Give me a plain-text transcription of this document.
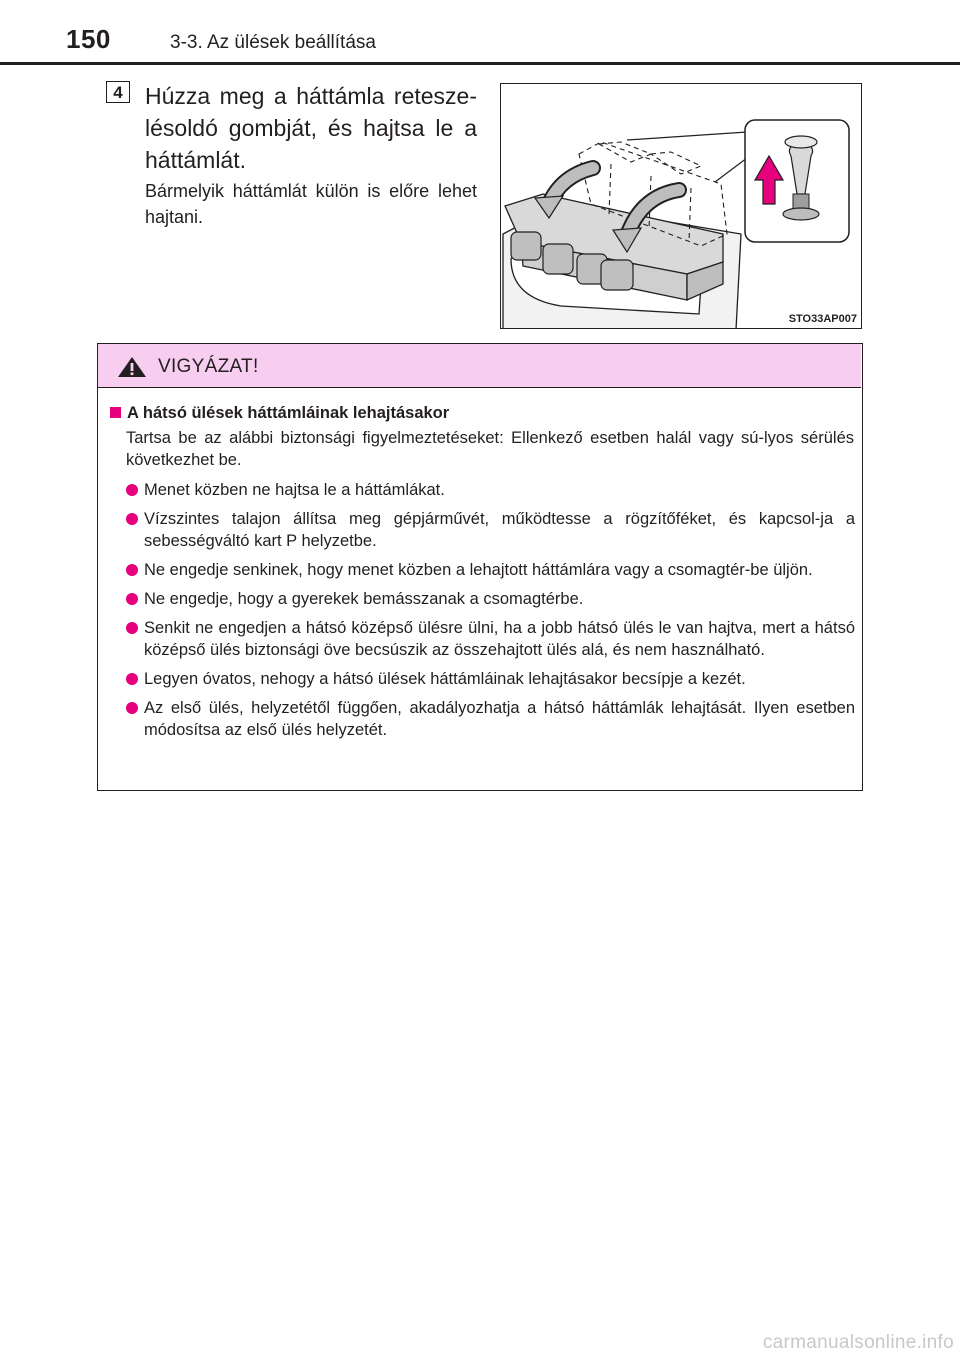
150	3-3. Az ülések beállítása
4 Húzza meg a háttámla retesze-lésoldó gombját, és hajtsa le a háttámlát.
Bármelyik háttámlát külön is előre lehet hajtani.
STO33AP007
VIGYÁZAT!
A hátsó ülések háttámláinak lehajtásakor
Tartsa be az alábbi biztonsági figyelmeztetéseket: Ellenkező esetben halál vagy sú-lyos sérülés következhet be.
Menet közben ne hajtsa le a háttámlákat.
Vízszintes talajon állítsa meg gépjárművét, működtesse a rögzítőféket, és kapcsol-ja a sebességváltó kart P helyzetbe.
Ne engedje senkinek, hogy menet közben a lehajtott háttámlára vagy a csomagtér-be üljön.
Ne engedje, hogy a gyerekek bemásszanak a csomagtérbe.
Senkit ne engedjen a hátsó középső ülésre ülni, ha a jobb hátsó ülés le van hajtva, mert a hátsó középső ülés biztonsági öve becsúszik az összehajtott ülés alá, és nem használható.
Legyen óvatos, nehogy a hátsó ülések háttámláinak lehajtásakor becsípje a kezét.
Az első ülés, helyzetétől függően, akadályozhatja a hátsó háttámlák lehajtását. Ilyen esetben módosítsa az első ülés helyzetét.
carmanualsonline.info
